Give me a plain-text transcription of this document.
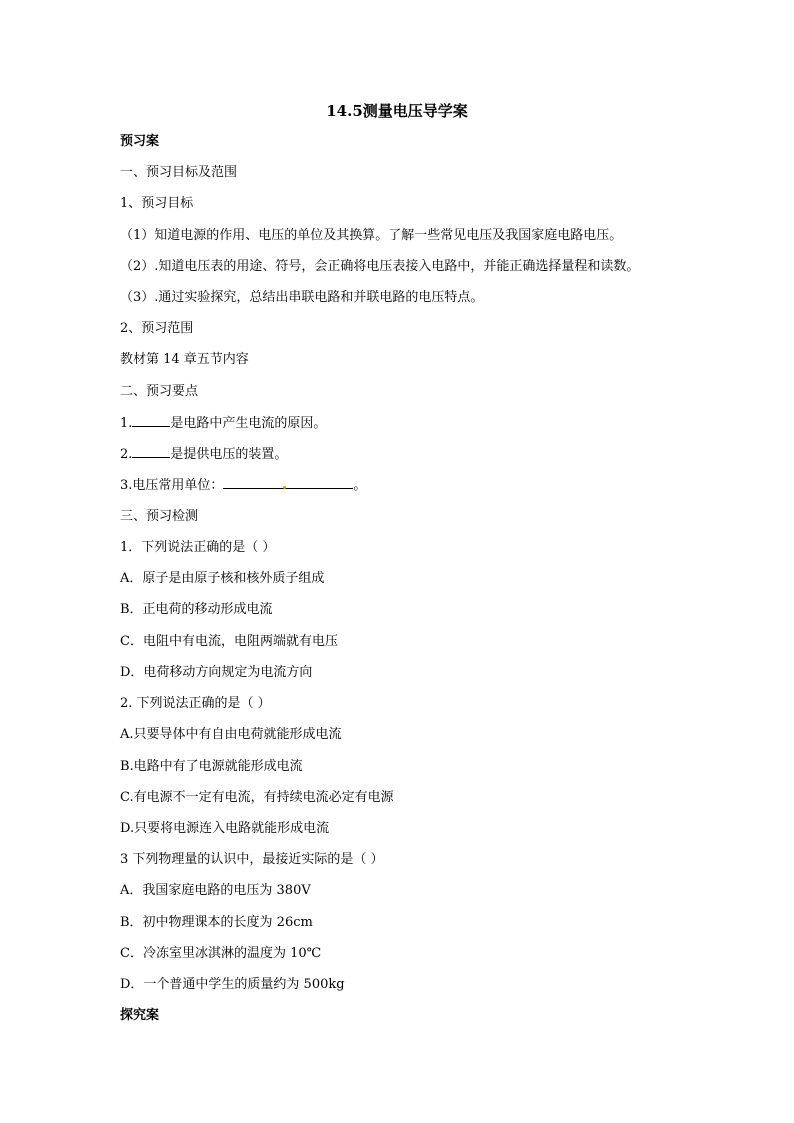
14.5测量电压导学案
预习案
一、预习目标及范围
1、预习目标
（1）知道电源的作用、电压的单位及其换算。了解一些常见电压及我国家庭电路电压。
（2）.知道电压表的用途、符号，会正确将电压表接入电路中，并能正确选择量程和读数。
（3）.通过实验探究，总结出串联电路和并联电路的电压特点。
2、预习范围
教材第 14 章五节内容
二、预习要点
1.	是电路中产生电流的原因。
2.	是提供电压的装置。
3.电压常用单位：	。
三、预习检测
1．下列说法正确的是（ ）
A．原子是由原子核和核外质子组成
B．正电荷的移动形成电流
C．电阻中有电流，电阻两端就有电压
D．电荷移动方向规定为电流方向
2. 下列说法正确的是（ ）
A.只要导体中有自由电荷就能形成电流
B.电路中有了电源就能形成电流
C.有电源不一定有电流，有持续电流必定有电源
D.只要将电源连入电路就能形成电流
3 下列物理量的认识中，最接近实际的是（ ）
A．我国家庭电路的电压为 380V
B．初中物理课本的长度为 26cm
C．冷冻室里冰淇淋的温度为 10℃
D．一个普通中学生的质量约为 500kg
探究案
